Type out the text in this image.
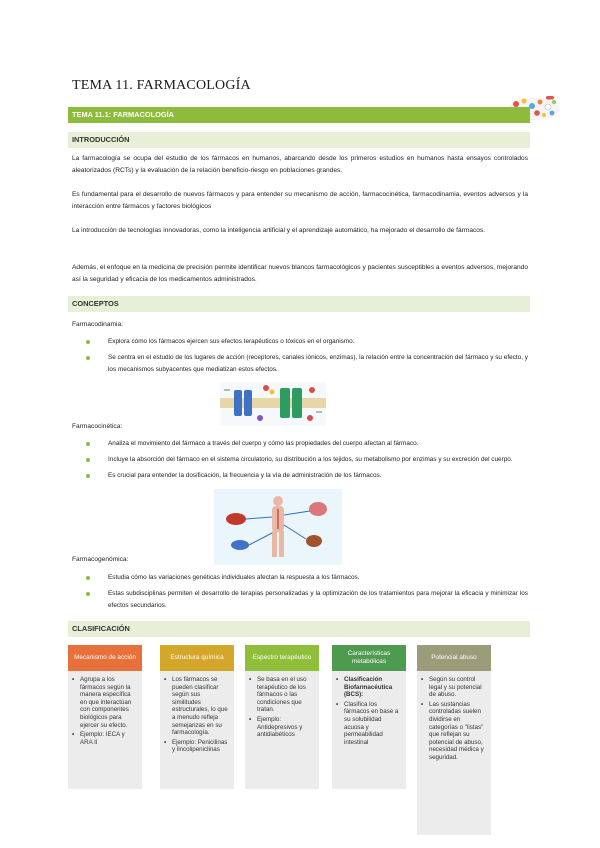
TEMA 11. FARMACOLOGÍA
TEMA 11.1: FARMACOLOGÍA
INTRODUCCIÓN
La farmacología se ocupa del estudio de los fármacos en humanos, abarcando desde los primeros estudios en humanos hasta ensayos controlados aleatorizados (RCTs) y la evaluación de la relación beneficio-riesgo en poblaciones grandes.
Es fundamental para el desarrollo de nuevos fármacos y para entender su mecanismo de acción, farmacocinética, farmacodinamia, eventos adversos y la interacción entre fármacos y factores biológicos
La introducción de tecnologías innovadoras, como la inteligencia artificial y el aprendizaje automático, ha mejorado el desarrollo de fármacos.
Además, el enfoque en la medicina de precisión permite identificar nuevos blancos farmacológicos y pacientes susceptibles a eventos adversos, mejorando así la seguridad y eficacia de los medicamentos administrados.
CONCEPTOS
Farmacodinamia:
Explora cómo los fármacos ejercen sus efectos terapéuticos o tóxicos en el organismo.
Se centra en el estudio de los lugares de acción (receptores, canales iónicos, enzimas), la relación entre la concentración del fármaco y su efecto, y los mecanismos subyacentes que mediatizan estos efectos.
Farmacocinética:
Analiza el movimiento del fármaco a través del cuerpo y cómo las propiedades del cuerpo afectan al fármaco.
Incluye la absorción del fármaco en el sistema circulatorio, su distribución a los tejidos, su metabolismo por enzimas y su excreción del cuerpo.
Es crucial para entender la dosificación, la frecuencia y la vía de administración de los fármacos.
Farmacogenómica:
Estudia cómo las variaciones genéticas individuales afectan la respuesta a los fármacos.
Estas subdisciplinas permiten el desarrollo de terapias personalizadas y la optimización de los tratamientos para mejorar la eficacia y minimizar los efectos secundarios.
CLASIFICACIÓN
Mecanismo de acción
• Agrupa a los fármacos según la manera específica en que interactúan con componentes biológicos para ejercer su efecto.
• Ejemplo: IECA y ARA II
Estructura química
• Los fármacos se pueden clasificar según sus similitudes estructurales, lo que a menudo refleja semejanzas en su farmacología.
• Ejemplo: Penicilinas y lincolipeniclinas
Espectro terapéutico
• Se basa en el uso terapéutico de los fármacos o las condiciones que tratan.
• Ejemplo: Antidepresivos y antidiabéticos
Características metabólicas
• Clasificación Biofarmacéutica (BCS):
• Clasifica los fármacos en base a su solubilidad acuosa y permeabilidad intestinal
Potencial abuso
• Según su control legal y su potencial de abuso.
• Las sustancias controladas suelen dividirse en categorías o "listas" que reflejan su potencial de abuso, necesidad médica y seguridad.
